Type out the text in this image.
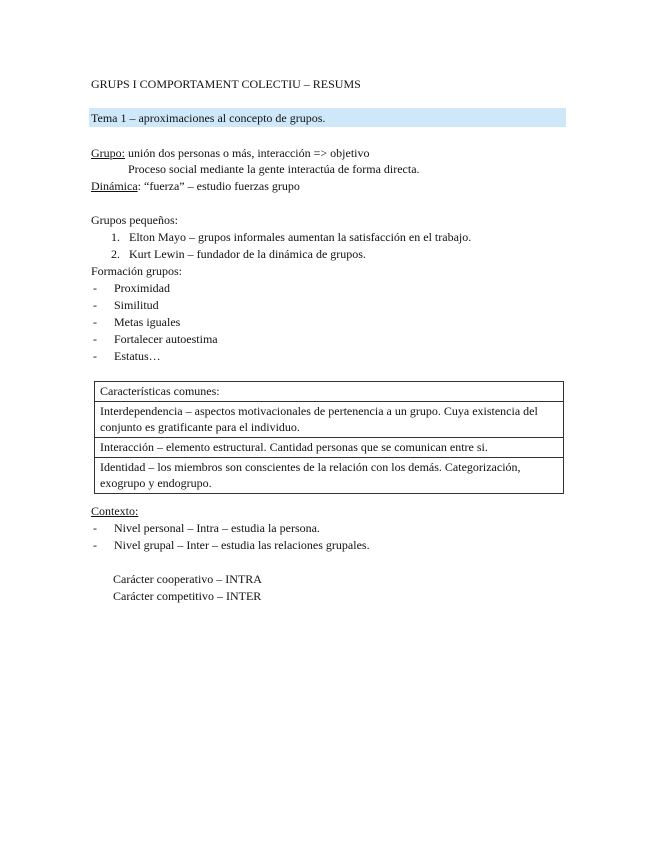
GRUPS I COMPORTAMENT COLECTIU – RESUMS
Tema 1 – aproximaciones al concepto de grupos.
Grupo: unión dos personas o más, interacción => objetivo
Proceso social mediante la gente interactúa de forma directa.
Dinámica: “fuerza” – estudio fuerzas grupo
Grupos pequeños:
1. Elton Mayo – grupos informales aumentan la satisfacción en el trabajo.
2. Kurt Lewin – fundador de la dinámica de grupos.
Formación grupos:
- Proximidad
- Similitud
- Metas iguales
- Fortalecer autoestima
- Estatus…
Características comunes:
Interdependencia – aspectos motivacionales de pertenencia a un grupo. Cuya existencia del conjunto es gratificante para el individuo.
Interacción – elemento estructural. Cantidad personas que se comunican entre si.
Identidad – los miembros son conscientes de la relación con los demás. Categorización, exogrupo y endogrupo.
Contexto:
- Nivel personal – Intra – estudia la persona.
- Nivel grupal – Inter – estudia las relaciones grupales.
Carácter cooperativo – INTRA
Carácter competitivo – INTER
